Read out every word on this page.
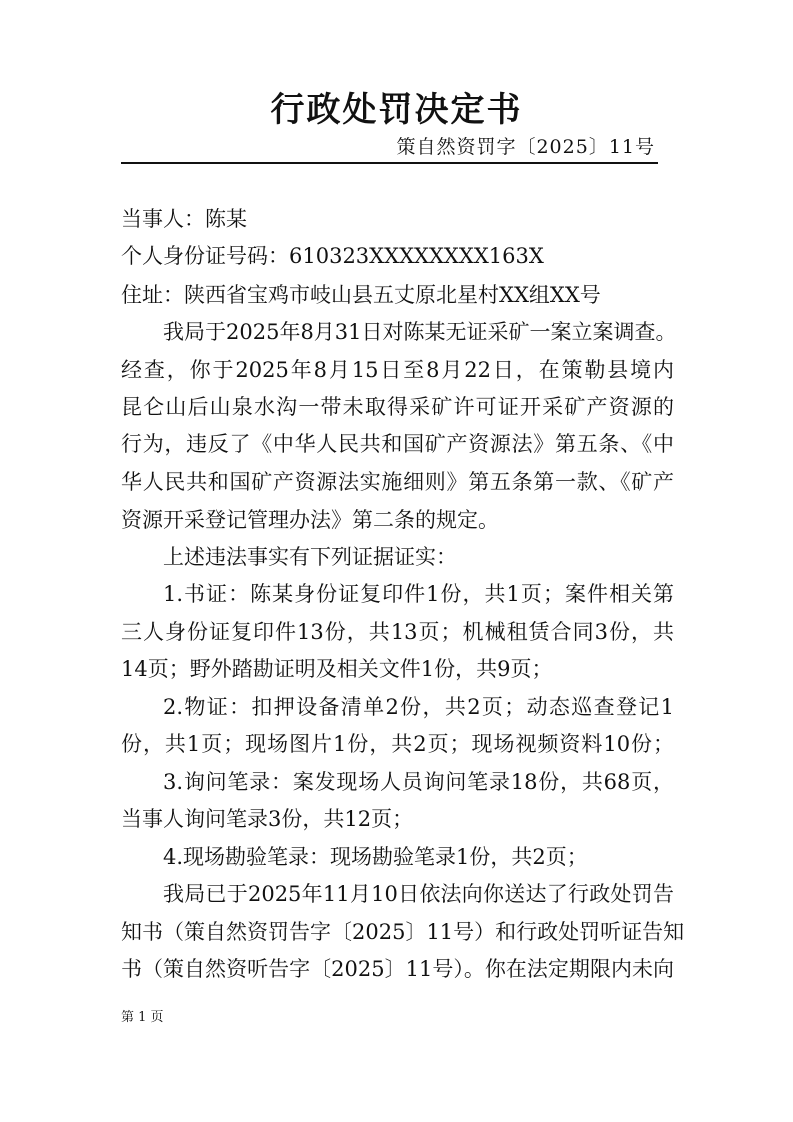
行政处罚决定书
策自然资罚字〔2025〕11号
当事人：陈某
个人身份证号码：610323XXXXXXXX163X
住址：陕西省宝鸡市岐山县五丈原北星村XX组XX号
我局于2025年8月31日对陈某无证采矿一案立案调查。
经查，你于2025年8月15日至8月22日，在策勒县境内
昆仑山后山泉水沟一带未取得采矿许可证开采矿产资源的
行为，违反了《中华人民共和国矿产资源法》第五条、《中
华人民共和国矿产资源法实施细则》第五条第一款、《矿产
资源开采登记管理办法》第二条的规定。
上述违法事实有下列证据证实：
1.书证：陈某身份证复印件1份，共1页；案件相关第
三人身份证复印件13份，共13页；机械租赁合同3份，共
14页；野外踏勘证明及相关文件1份，共9页；
2.物证：扣押设备清单2份，共2页；动态巡查登记1
份，共1页；现场图片1份，共2页；现场视频资料10份；
3.询问笔录：案发现场人员询问笔录18份，共68页，
当事人询问笔录3份，共12页；
4.现场勘验笔录：现场勘验笔录1份，共2页；
我局已于2025年11月10日依法向你送达了行政处罚告
知书（策自然资罚告字〔2025〕11号）和行政处罚听证告知
书（策自然资听告字〔2025〕11号）。你在法定期限内未向
第 1 页
